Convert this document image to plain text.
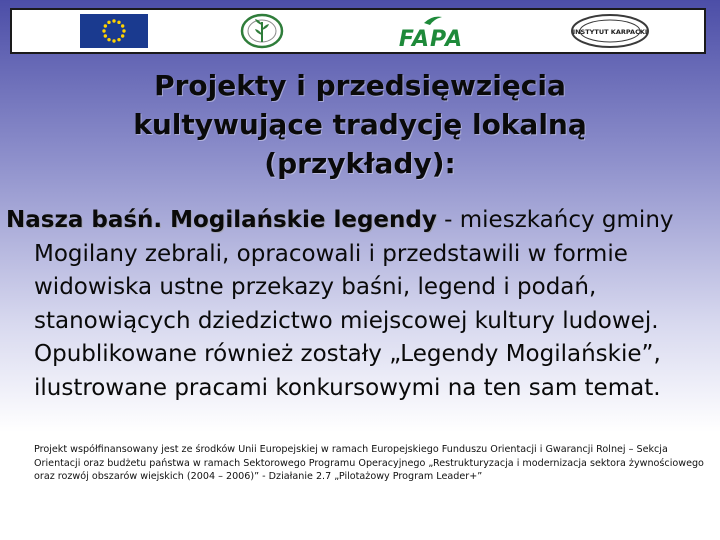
FAPA	INSTYTUT KARPACKI
Projekty i przedsięwzięcia
kultywujące tradycję lokalną
(przykłady):

Nasza baśń. Mogilańskie legendy - mieszkańcy gminy Mogilany zebrali, opracowali i przedstawili w formie widowiska ustne przekazy baśni, legend i podań, stanowiących dziedzictwo miejscowej kultury ludowej. Opublikowane również zostały „Legendy Mogilańskie”, ilustrowane pracami konkursowymi na ten sam temat.

Projekt współfinansowany jest ze środków Unii Europejskiej w ramach Europejskiego Funduszu Orientacji i Gwarancji Rolnej – Sekcja Orientacji oraz budżetu państwa w ramach Sektorowego Programu Operacyjnego „Restrukturyzacja i modernizacja sektora żywnościowego oraz rozwój obszarów wiejskich (2004 – 2006)” - Działanie 2.7 „Pilotażowy Program Leader+”
